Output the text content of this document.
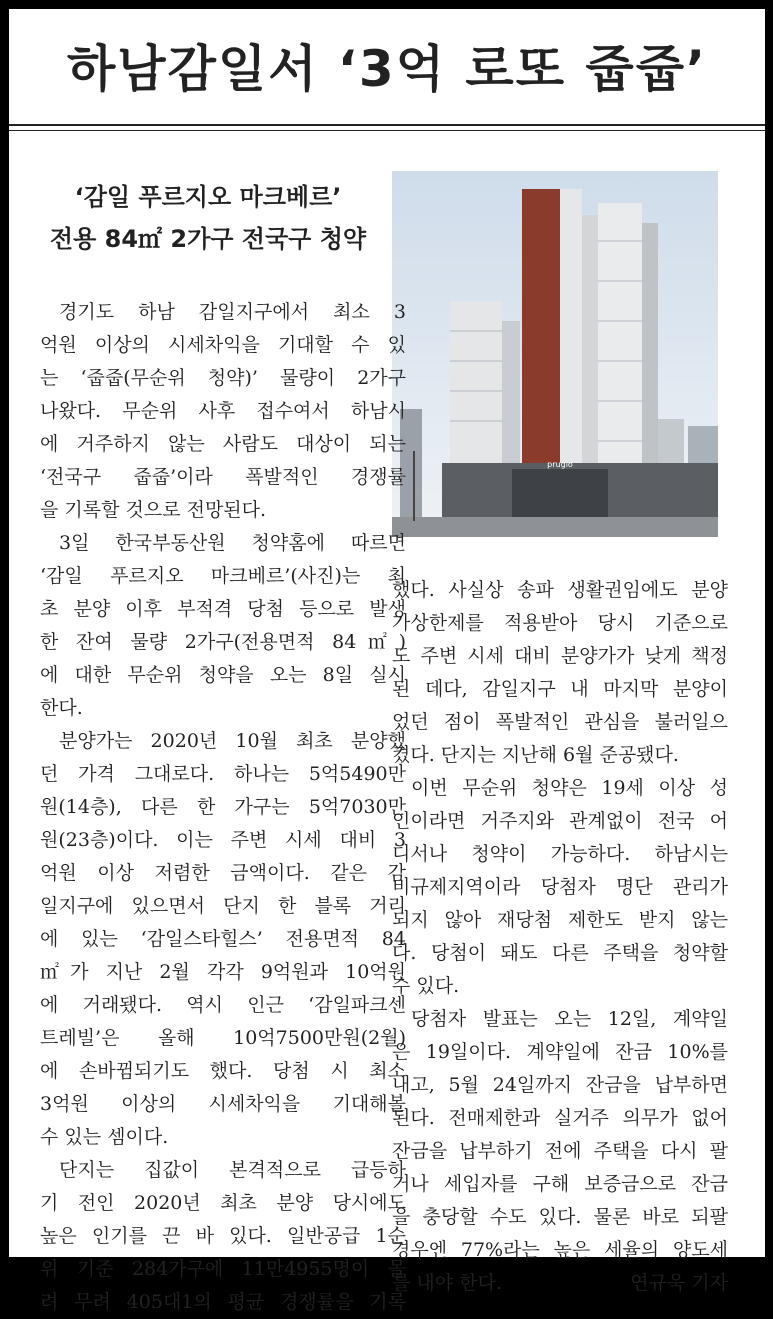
하남감일서 ‘3억 로또 줍줍’
‘감일 푸르지오 마크베르’
전용 84㎡ 2가구 전국구 청약
prugio
경기도 하남 감일지구에서 최소 3
억원 이상의 시세차익을 기대할 수 있
는 ‘줍줍(무순위 청약)’ 물량이 2가구
나왔다. 무순위 사후 접수여서 하남시
에 거주하지 않는 사람도 대상이 되는
‘전국구 줍줍’이라 폭발적인 경쟁률
을 기록할 것으로 전망된다.
3일 한국부동산원 청약홈에 따르면
‘감일 푸르지오 마크베르’(사진)는 최
초 분양 이후 부적격 당첨 등으로 발생
한 잔여 물량 2가구(전용면적 84㎡)
에 대한 무순위 청약을 오는 8일 실시
한다.
분양가는 2020년 10월 최초 분양했
던 가격 그대로다. 하나는 5억5490만
원(14층), 다른 한 가구는 5억7030만
원(23층)이다. 이는 주변 시세 대비 3
억원 이상 저렴한 금액이다. 같은 감
일지구에 있으면서 단지 한 블록 거리
에 있는 ‘감일스타힐스’ 전용면적 84
㎡가 지난 2월 각각 9억원과 10억원
에 거래됐다. 역시 인근 ‘감일파크센
트레빌’은 올해 10억7500만원(2월)
에 손바뀜되기도 했다. 당첨 시 최소
3억원 이상의 시세차익을 기대해볼
수 있는 셈이다.
단지는 집값이 본격적으로 급등하
기 전인 2020년 최초 분양 당시에도
높은 인기를 끈 바 있다. 일반공급 1순
위 기준 284가구에 11만4955명이 몰
려 무려 405대1의 평균 경쟁률을 기록
했다. 사실상 송파 생활권임에도 분양
가상한제를 적용받아 당시 기준으로
도 주변 시세 대비 분양가가 낮게 책정
된 데다, 감일지구 내 마지막 분양이
었던 점이 폭발적인 관심을 불러일으
켰다. 단지는 지난해 6월 준공됐다.
이번 무순위 청약은 19세 이상 성
인이라면 거주지와 관계없이 전국 어
디서나 청약이 가능하다. 하남시는
비규제지역이라 당첨자 명단 관리가
되지 않아 재당첨 제한도 받지 않는
다. 당첨이 돼도 다른 주택을 청약할
수 있다.
당첨자 발표는 오는 12일, 계약일
은 19일이다. 계약일에 잔금 10%를
내고, 5월 24일까지 잔금을 납부하면
된다. 전매제한과 실거주 의무가 없어
잔금을 납부하기 전에 주택을 다시 팔
거나 세입자를 구해 보증금으로 잔금
을 충당할 수도 있다. 물론 바로 되팔
경우엔 77%라는 높은 세율의 양도세
를 내야 한다.	연규욱 기자
